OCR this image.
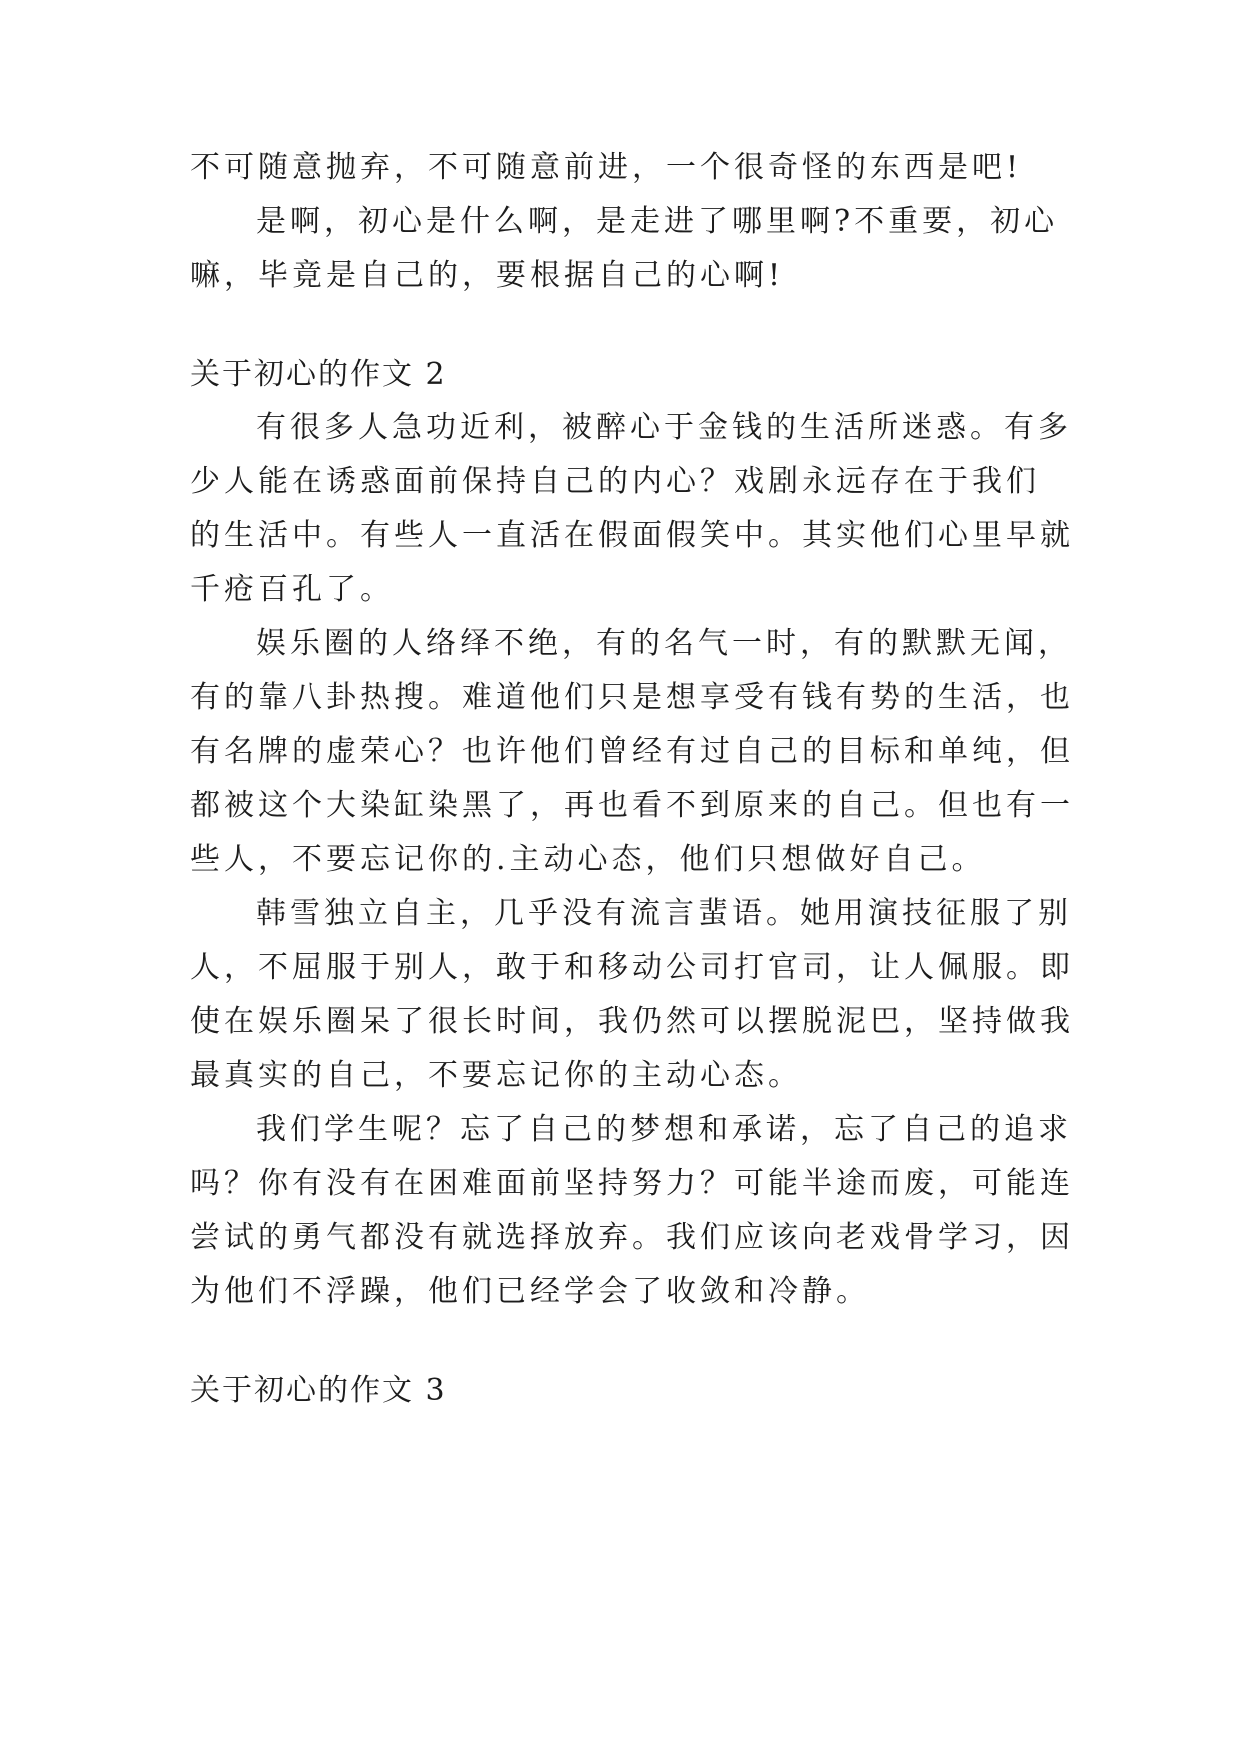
不可随意抛弃，不可随意前进，一个很奇怪的东西是吧!
是啊，初心是什么啊，是走进了哪里啊?不重要，初心
嘛，毕竟是自己的，要根据自己的心啊!
关于初心的作文 2
有很多人急功近利，被醉心于金钱的生活所迷惑。有多
少人能在诱惑面前保持自己的内心？戏剧永远存在于我们
的生活中。有些人一直活在假面假笑中。其实他们心里早就
千疮百孔了。
娱乐圈的人络绎不绝，有的名气一时，有的默默无闻，
有的靠八卦热搜。难道他们只是想享受有钱有势的生活，也
有名牌的虚荣心？也许他们曾经有过自己的目标和单纯，但
都被这个大染缸染黑了，再也看不到原来的自己。但也有一
些人，不要忘记你的.主动心态，他们只想做好自己。
韩雪独立自主，几乎没有流言蜚语。她用演技征服了别
人，不屈服于别人，敢于和移动公司打官司，让人佩服。即
使在娱乐圈呆了很长时间，我仍然可以摆脱泥巴，坚持做我
最真实的自己，不要忘记你的主动心态。
我们学生呢？忘了自己的梦想和承诺，忘了自己的追求
吗？你有没有在困难面前坚持努力？可能半途而废，可能连
尝试的勇气都没有就选择放弃。我们应该向老戏骨学习，因
为他们不浮躁，他们已经学会了收敛和冷静。
关于初心的作文 3
